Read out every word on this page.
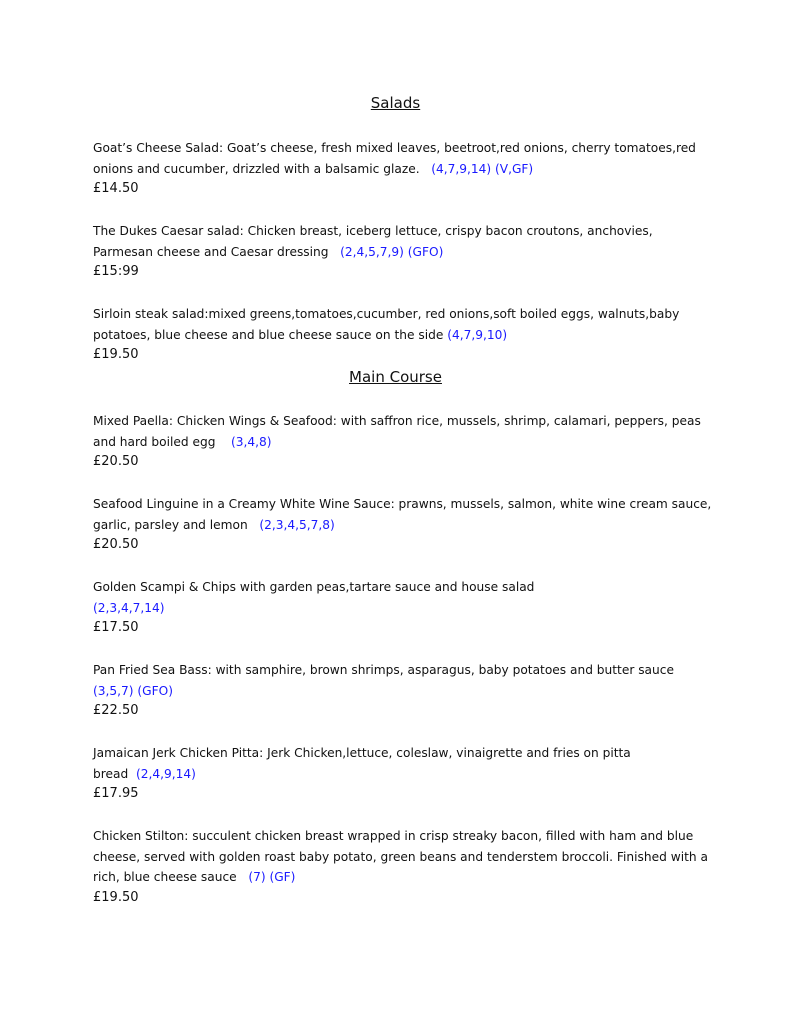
Salads

Goat’s Cheese Salad: Goat’s cheese, fresh mixed leaves, beetroot,red onions, cherry tomatoes,red onions and cucumber, drizzled with a balsamic glaze. (4,7,9,14) (V,GF)

£14.50

The Dukes Caesar salad: Chicken breast, iceberg lettuce, crispy bacon croutons, anchovies, Parmesan cheese and Caesar dressing (2,4,5,7,9) (GFO)

£15:99

Sirloin steak salad:mixed greens,tomatoes,cucumber, red onions,soft boiled eggs, walnuts,baby potatoes, blue cheese and blue cheese sauce on the side (4,7,9,10)

£19.50

Main Course

Mixed Paella: Chicken Wings & Seafood: with saffron rice, mussels, shrimp, calamari, peppers, peas and hard boiled egg (3,4,8)

£20.50

Seafood Linguine in a Creamy White Wine Sauce: prawns, mussels, salmon, white wine cream sauce, garlic, parsley and lemon (2,3,4,5,7,8)

£20.50

Golden Scampi & Chips with garden peas,tartare sauce and house salad
(2,3,4,7,14)

£17.50

Pan Fried Sea Bass: with samphire, brown shrimps, asparagus, baby potatoes and butter sauce
(3,5,7) (GFO)

£22.50

Jamaican Jerk Chicken Pitta: Jerk Chicken,lettuce, coleslaw, vinaigrette and fries on pitta bread (2,4,9,14)

£17.95

Chicken Stilton: succulent chicken breast wrapped in crisp streaky bacon, filled with ham and blue cheese, served with golden roast baby potato, green beans and tenderstem broccoli. Finished with a rich, blue cheese sauce (7) (GF)

£19.50
